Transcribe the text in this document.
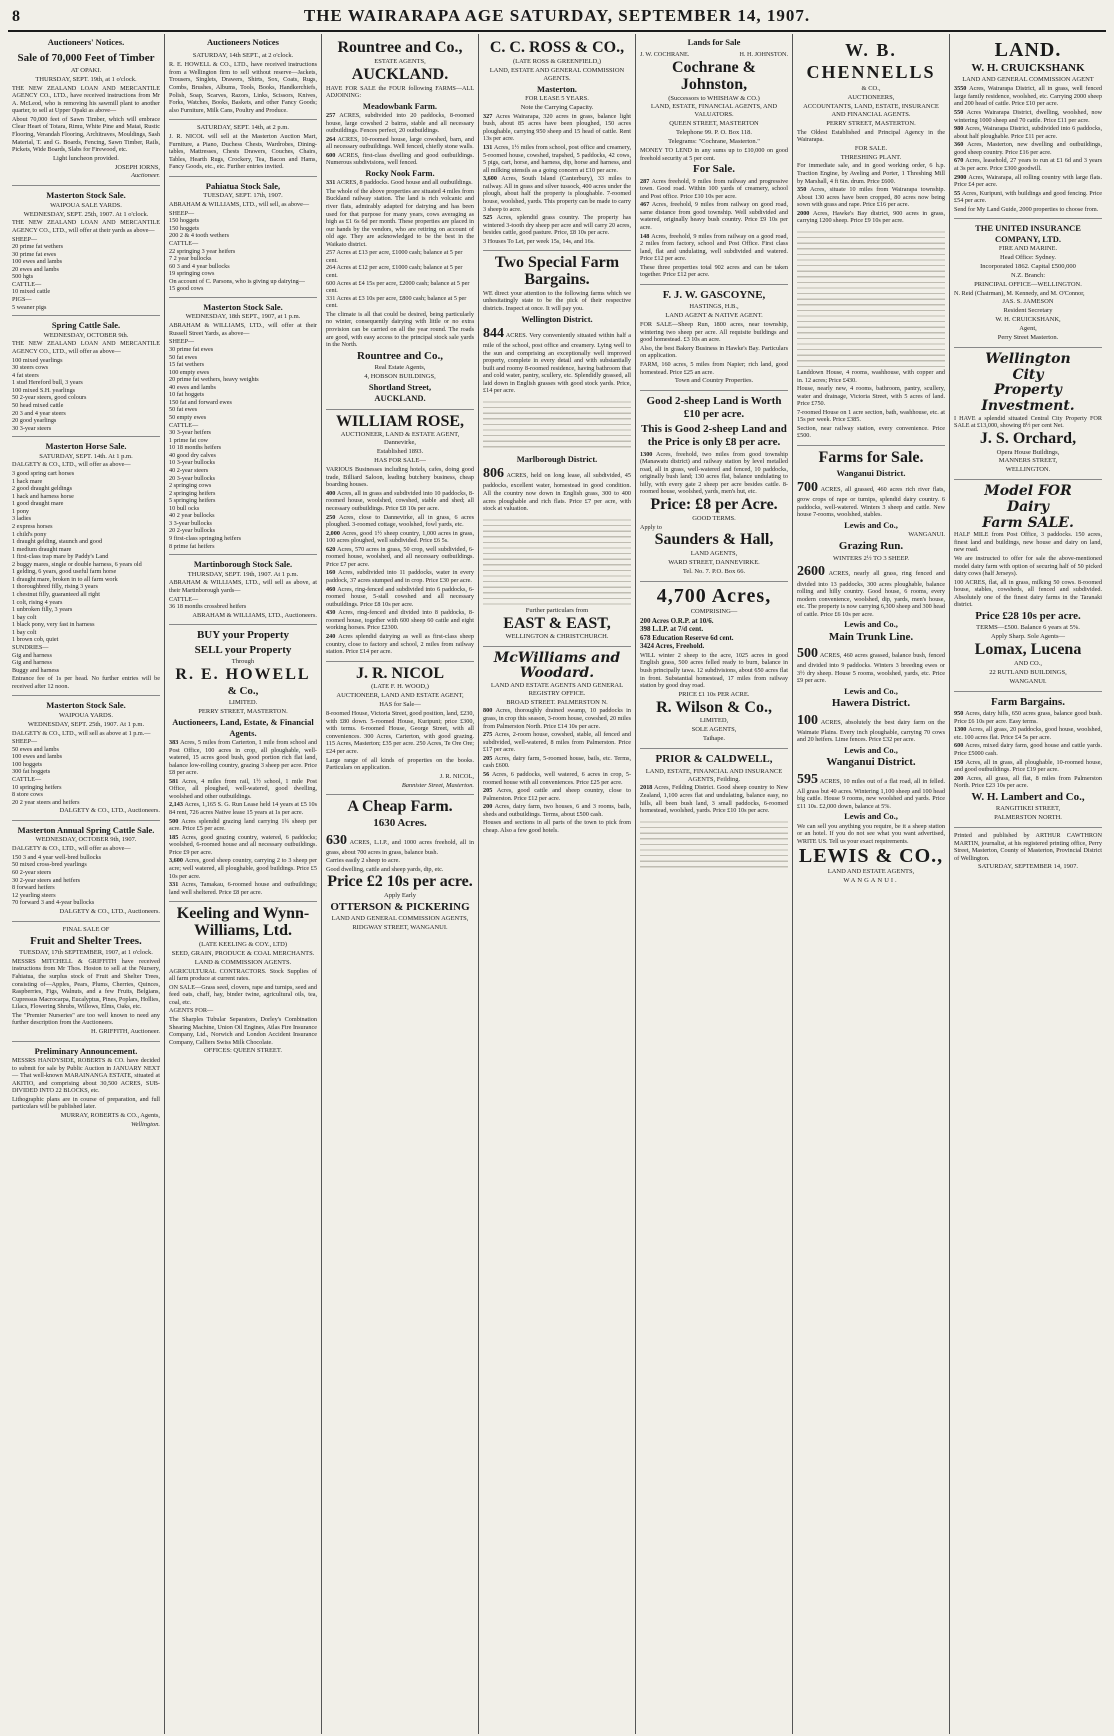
8	THE WAIRARAPA AGE SATURDAY, SEPTEMBER 14, 1907.
Auctioneers' Notices.
Sale of 70,000 Feet of Timber
AT OPAKI.
THURSDAY, SEPT. 19th, at 1 o'clock.
THE NEW ZEALAND LOAN AND MERCANTILE AGENCY CO., LTD., have received instructions from Mr A. McLeod, who is removing his sawmill plant to another quarter, to sell at Upper Opaki as above—
About 70,000 feet of Sawn Timber, which will embrace Clear Heart of Totara, Rimu, White Pine and Matai, Rustic Flooring, Verandah Flooring, Architraves, Mouldings, Sash Material, T. and G. Boards, Fencing, Sawn Timber, Rails, Pickets, Wide Boards, Slabs for Firewood, etc.
Light luncheon provided.
JOSEPH IORNS,
Auctioneer.
Masterton Stock Sale.
WAIPOUA SALE YARDS.
WEDNESDAY, SEPT. 25th, 1907. At 1 o'clock.
THE NEW ZEALAND LOAN AND MERCANTILE AGENCY CO., LTD., will offer at their yards as above—
SHEEP—
20 prime fat wethers
30 prime fat ewes
100 ewes and lambs
20 ewes and lambs
500 hgts
CATTLE—
10 mixed cattle
PIGS—
5 weaner pigs
Spring Cattle Sale.
WEDNESDAY, OCTOBER 9th.
THE NEW ZEALAND LOAN AND MERCANTILE AGENCY CO., LTD., will offer as above—
100 mixed yearlings
30 steers cows
4 fat steers
1 stud Hereford bull, 3 years
100 mixed S.H. yearlings
50 2-year steers, good colours
50 head mixed cattle
20 3 and 4 year steers
20 good yearlings
30 3-year steers
Masterton Horse Sale.
SATURDAY, SEPT. 14th. At 1 p.m.
DALGETY & CO., LTD., will offer as above—
3 good spring cart horses
1 hack mare
2 good draught geldings
1 hack and harness horse
1 good draught mare
1 pony
3 ladies
2 express horses
1 child's pony
1 draught gelding, staunch and good
1 medium draught mare
1 first-class trap mare by Paddy's Land
2 buggy mares, single or double harness, 6 years old
1 gelding, 6 years, good useful farm horse
1 draught mare, broken in to all farm work
1 thoroughbred filly, rising 3 years
1 chestnut filly, guaranteed all right
1 colt, rising 4 years
1 unbroken filly, 3 years
1 bay colt
1 black pony, very fast in harness
1 bay colt
1 brown cob, quiet
SUNDRIES—
Gig and harness
Gig and harness
Buggy and harness
Entrance fee of 1s per head. No further entries will be received after 12 noon.
Masterton Stock Sale.
WAIPOUA YARDS.
WEDNESDAY, SEPT. 25th, 1907. At 1 p.m.
DALGETY & CO., LTD., will sell as above at 1 p.m.—
SHEEP—
50 ewes and lambs
100 ewes and lambs
100 hoggets
300 fat hoggets
CATTLE—
10 springing heifers
8 store cows
20 2 year steers and heifers
DALGETY & CO., LTD., Auctioneers.
Masterton Annual Spring Cattle Sale.
WEDNESDAY, OCTOBER 9th, 1907.
DALGETY & CO., LTD., will offer as above—
150 3 and 4 year well-bred bullocks
50 mixed cross-bred yearlings
60 2-year steers
30 2-year steers and heifers
8 forward heifers
12 yearling steers
70 forward 3 and 4-year bullocks
DALGETY & CO., LTD., Auctioneers.
FINAL SALE OF
Fruit and Shelter Trees.
TUESDAY, 17th SEPTEMBER, 1907, at 1 o'clock.
MESSRS MITCHELL & GRIFFITH have received instructions from Mr Thos. Hoston to sell at the Nursery, Fahiatua, the surplus stock of Fruit and Shelter Trees, consisting of—Apples, Pears, Plums, Cherries, Quinces, Raspberries, Figs, Walnuts, and a few Fruits, Belgians, Cupressus Macrocarpa, Eucalyptus, Pines, Poplars, Hollies, Lilacs, Flowering Shrubs, Willows, Elms, Oaks, etc.
The "Premier Nurseries" are too well known to need any further description from the Auctioneers.
H. GRIFFITH, Auctioneer.
Preliminary Announcement.
MESSRS HANDYSIDE, ROBERTS & CO. have decided to submit for sale by Public Auction in JANUARY NEXT— That well-known MARAINANGA ESTATE, situated at AKITIO, and comprising about 30,500 ACRES, SUB-DIVIDED INTO 22 BLOCKS, etc.
Lithographic plans are in course of preparation, and full particulars will be published later.
MURRAY, ROBERTS & CO., Agents,
Wellington.
Auctioneers Notices
SATURDAY, 14th SEPT., at 2 o'clock.
R. E. HOWELL & CO., LTD., have received instructions from a Wellington firm to sell without reserve—Jackets, Trousers, Singlets, Drawers, Shirts, Sox, Coats, Rugs, Combs, Brushes, Albums, Tools, Books, Handkerchiefs, Polish, Soap, Scarves, Razors, Links, Scissors, Knives, Forks, Watches, Books, Baskets, and other Fancy Goods; also Furniture, Milk Cans, Poultry and Produce.
SATURDAY, SEPT. 14th, at 2 p.m.
J. R. NICOL will sell at the Masterton Auction Mart, Furniture, a Piano, Duchess Chests, Wardrobes, Dining-tables, Mattresses, Chests Drawers, Couches, Chairs, Tables, Hearth Rugs, Crockery, Tea, Bacon and Hams, Fancy Goods, etc., etc. Further entries invited.
Pahiatua Stock Sale,
TUESDAY, SEPT. 17th, 1907.
ABRAHAM & WILLIAMS, LTD., will sell, as above—
SHEEP—
150 hoggets
150 hoggets
200 2 & 4 tooth wethers
CATTLE—
22 springing 3 year heifers
7 2 year bullocks
60 3 and 4 year bullocks
19 springing cows
On account of C. Parsons, who is giving up dairying—
15 good cows
Masterton Stock Sale.
WEDNESDAY, 18th SEPT., 1907, at 1 p.m.
ABRAHAM & WILLIAMS, LTD., will offer at their Russell Street Yards, as above—
SHEEP—
30 prime fat ewes
50 fat ewes
15 fat wethers
100 empty ewes
20 prime fat wethers, heavy weights
40 ewes and lambs
10 fat hoggets
150 fat and forward ewes
50 fat ewes
50 empty ewes
CATTLE—
30 3-year heifers
1 prime fat cow
10 18 months heifers
40 good dry calves
10 3-year bullocks
40 2-year steers
20 3-year bullocks
2 springing cows
2 springing heifers
5 springing heifers
10 bull ocks
40 2 year bullocks
3 3-year bullocks
20 2-year bullocks
9 first-class springing heifers
8 prime fat heifers
Martinborough Stock Sale.
THURSDAY, SEPT. 19th, 1907. At 1 p.m.
ABRAHAM & WILLIAMS, LTD., will sell as above, at their Martinborough yards—
CATTLE—
36 18 months crossbred heifers
ABRAHAM & WILLIAMS, LTD., Auctioneers.
BUY your Property
SELL your Property
Through
R. E. HOWELL
& Co.,
LIMITED.
PERRY STREET, MASTERTON.
Auctioneers, Land, Estate, & Financial Agents.
383 Acres, 5 miles from Carterton, 1 mile from school and Post Office, 100 acres in crop, all ploughable, well-watered, 15 acres good bush, good portion rich flat land, balance low-rolling country, grazing 3 sheep per acre. Price £8 per acre.
581 Acres, 4 miles from rail, 1½ school, 1 mile Post Office, all ploughed, well-watered, good dwelling, woolshed and other outbuildings.
2,143 Acres, 1,165 S. G. Run Lease held 14 years at £5 10s 84 rent, 726 acres Native lease 15 years at 1s per acre.
500 Acres splendid grazing land carrying 1¾ sheep per acre. Price £5 per acre.
185 Acres, good grazing country, watered, 6 paddocks; woolshed, 6-roomed house and all necessary outbuildings. Price £9 per acre.
3,600 Acres, good sheep country, carrying 2 to 3 sheep per acre; well watered, all ploughable, good buildings. Price £5 10s per acre.
331 Acres, Tamakau, 6-roomed house and outbuildings; land well sheltered. Price £8 per acre.
Keeling and Wynn-Williams, Ltd.
(LATE KEELING & COY., LTD)
SEED, GRAIN, PRODUCE & COAL MERCHANTS.
LAND & COMMISSION AGENTS.
AGRICULTURAL CONTRACTORS. Stock Supplies of all farm produce at current rates.
ON SALE—Grass seed, clovers, rape and turnips, seed and feed oats, chaff, hay, binder twine, agricultural oils, tea, coal, etc.
AGENTS FOR—
The Sharples Tubular Separators, Dorley's Combination Shearing Machine, Union Oil Engines, Atlas Fire Insurance Company, Ltd., Norwich and London Accident Insurance Company, Calliers Swiss Milk Chocolate.
OFFICES: QUEEN STREET.
Rountree and Co.,
ESTATE AGENTS,
AUCKLAND.
HAVE FOR SALE the FOUR following FARMS—ALL ADJOINING:
Meadowbank Farm.
257 ACRES, subdivided into 20 paddocks, 8-roomed house, large cowshed 2 bairns, stable and all necessary outbuildings. Fences perfect, 20 outbuildings.
264 ACRES, 10-roomed house, large cowshed, barn, and all necessary outbuildings. Well fenced, chiefly stone walls.
600 ACRES, first-class dwelling and good outbuildings. Numerous subdivisions, well fenced.
Rocky Nook Farm.
331 ACRES, 8 paddocks. Good house and all outbuildings.
The whole of the above properties are situated 4 miles from Buckland railway station. The land is rich volcanic and river flats, admirably adapted for dairying and has been used for that purpose for many years, cows averaging as high as £1 6s 6d per month. These properties are placed in our hands by the vendors, who are retiring on account of old age. They are acknowledged to be the best in the Waikato district.
257 Acres at £13 per acre, £1000 cash; balance at 5 per cent.
264 Acres at £12 per acre, £1000 cash; balance at 5 per cent.
600 Acres at £4 15s per acre, £2000 cash; balance at 5 per cent.
331 Acres at £3 10s per acre, £800 cash; balance at 5 per cent.
The climate is all that could be desired, being particularly no winter, consequently dairying with little or no extra provision can be carried on all the year round. The roads are good, with easy access to the principal stock sale yards in the North.
Rountree and Co.,
Real Estate Agents,
4, HOBSON BUILDINGS,
Shortland Street,
AUCKLAND.
WILLIAM ROSE,
AUCTIONEER, LAND & ESTATE AGENT, Dannevirke,
Established 1893.
HAS FOR SALE—
VARIOUS Businesses including hotels, cafes, doing good trade, Billiard Saloon, leading butchery business, cheap boarding houses.
400 Acres, all in grass and subdivided into 10 paddocks, 8-roomed house, woolshed, cowshed, stable and shed; all necessary outbuildings. Price £8 10s per acre.
250 Acres, close to Dannevirke, all in grass, 6 acres ploughed. 3-roomed cottage, woolshed, fowl yards, etc.
2,000 Acres, good 1½ sheep country, 1,000 acres in grass, 100 acres ploughed, well subdivided. Price £6 5s.
620 Acres, 570 acres in grass, 50 crop, well subdivided, 6-roomed house, woolshed, and all necessary outbuildings. Price £7 per acre.
160 Acres, subdivided into 11 paddocks, water in every paddock, 37 acres stumped and in crop. Price £30 per acre.
460 Acres, ring-fenced and subdivided into 6 paddocks, 6-roomed house, 5-stall cowshed and all necessary outbuildings. Price £8 10s per acre.
430 Acres, ring-fenced and divided into 8 paddocks, 8-roomed house, together with 600 sheep 60 cattle and eight working horses. Price £2300.
240 Acres splendid dairying as well as first-class sheep country, close to factory and school, 2 miles from railway station. Price £14 per acre.
J. R. NICOL
(LATE F. H. WOOD,)
AUCTIONEER, LAND AND ESTATE AGENT,
HAS for Sale—
8-roomed House, Victoria Street, good position, land, £230, with £80 down. 5-roomed House, Kuripuni; price £300, with terms. 6-roomed House, George Street, with all conveniences. 300 Acres, Carterton, with good grazing. 115 Acres, Masterton; £35 per acre. 250 Acres, Te Ore Ore; £24 per acre.
Large range of all kinds of properties on the books. Particulars on application.
J. R. NICOL,
Bannister Street, Masterton.
A Cheap Farm.
1630 Acres.
630 ACRES, L.I.P., and 1000 acres freehold, all in grass, about 700 acres in grass, balance bush.
Carries easily 2 sheep to acre.
Good dwelling, cattle and sheep yards, dip, etc.
Price £2 10s per acre.
Apply Early
OTTERSON & PICKERING
LAND AND GENERAL COMMISSION AGENTS,
RIDGWAY STREET, WANGANUI.
C. C. ROSS & CO.,
(LATE ROSS & GREENFIELD,)
LAND, ESTATE AND GENERAL COMMISSION AGENTS.
Masterton.
FOR LEASE 5 YEARS.
Note the Carrying Capacity.
327 Acres Wairarapa, 320 acres in grass, balance light bush, about 85 acres have been ploughed, 150 acres ploughable, carrying 950 sheep and 15 head of cattle. Rent 13s per acre.
131 Acres, 1½ miles from school, post office and creamery, 5-roomed house, cowshed, trapshed, 5 paddocks, 42 cows, 5 pigs, cart, horse, and harness, dip, horse and harness, and all milking utensils as a going concern at £10 per acre.
3,600 Acres, South Island (Canterbury), 33 miles to railway. All in grass and silver tussock, 400 acres under the plough, about half the property is ploughable. 7-roomed house, woolshed, yards. This property can be made to carry 3 sheep to acre.
525 Acres, splendid grass country. The property has wintered 3-tooth dry sheep per acre and will carry 20 acres, besides cattle, good pasture. Price, £8 10s per acre.
3 Houses To Let, per week 15s, 14s, and 16s.
Two Special Farm Bargains.
WE direct your attention to the following farms which we unhesitatingly state to be the pick of their respective districts. Inspect at once. It will pay you.
Wellington District.
844 ACRES. Very conveniently situated within half a mile of the school, post office and creamery. Lying well to the sun and comprising an exceptionally well improved property, complete in every detail and with substantially built and roomy 8-roomed residence, having bathroom that and cold water, pantry, scullery, etc. Splendidly grassed, all laid down in English grasses with good stock yards. Price, £14 per acre.
Marlborough District.
806 ACRES, held on long lease, all subdivided, 45 paddocks, excellent water, homestead in good condition. All the country now down in English grass, 300 to 400 acres ploughable and rich flats. Price £7 per acre, with stock at valuation.
Further particulars from
EAST & EAST,
WELLINGTON & CHRISTCHURCH.
McWilliams and Woodard.
LAND AND ESTATE AGENTS AND GENERAL REGISTRY OFFICE.
BROAD STREET. PALMERSTON N.
800 Acres, thoroughly drained swamp, 10 paddocks in grass, in crop this season, 3-room house, cowshed, 20 miles from Palmerston North. Price £14 10s per acre.
275 Acres, 2-room house, cowshed, stable, all fenced and subdivided, well-watered, 8 miles from Palmerston. Price £17 per acre.
205 Acres, dairy farm, 5-roomed house, bails, etc. Terms, cash £600.
56 Acres, 6 paddocks, well watered, 6 acres in crop, 5-roomed house with all conveniences. Price £25 per acre.
205 Acres, good cattle and sheep country, close to Palmerston. Price £12 per acre.
200 Acres, dairy farm, two houses, 6 and 3 rooms, bails, sheds and outbuildings. Terms, about £500 cash.
Houses and sections in all parts of the town to pick from cheap. Also a few good hotels.
Lands for Sale
J. W. COCHRANE.	H. H. JOHNSTON.
Cochrane & Johnston,
(Successors to WHISHAW & CO.)
LAND, ESTATE, FINANCIAL AGENTS, AND VALUATORS.
QUEEN STREET, MASTERTON
Telephone 99. P. O. Box 118.
Telegrams: "Cochrane, Masterton."
MONEY TO LEND in any sums up to £10,000 on good freehold security at 5 per cent.
For Sale.
287 Acres freehold, 9 miles from railway and progressive town. Good road. Within 100 yards of creamery, school and Post office. Price £10 10s per acre.
467 Acres, freehold, 9 miles from railway on good road, same distance from good township. Well subdivided and watered, originally heavy bush country. Price £9 10s per acre.
148 Acres, freehold, 9 miles from railway on a good road, 2 miles from factory, school and Post Office. First class land, flat and undulating, well subdivided and watered. Price £12 per acre.
These three properties total 902 acres and can be taken together. Price £12 per acre.
F. J. W. GASCOYNE,
HASTINGS, H.B.,
LAND AGENT & NATIVE AGENT.
FOR SALE—Sheep Run, 1800 acres, near township, wintering two sheep per acre. All requisite buildings and good homestead. £3 10s an acre.
Also, the best Bakery Business in Hawke's Bay. Particulars on application.
FARM, 160 acres, 5 miles from Napier; rich land, good homestead. Price £25 an acre.
Town and Country Properties.
Good 2-sheep Land is Worth £10 per acre.
This is Good 2-sheep Land and the Price is only £8 per acre.
1300 Acres, freehold, two miles from good township (Manawatu district) and railway station by level metalled road, all in grass, well-watered and fenced, 10 paddocks, originally bush land; 130 acres flat, balance undulating to hilly, with every gate 2 sheep per acre besides cattle. 8-roomed house, woolshed, yards, men's hut, etc.
Price: £8 per Acre.
GOOD TERMS.
Apply to
Saunders & Hall,
LAND AGENTS,
WARD STREET, DANNEVIRKE.
Tel. No. 7. P.O. Box 66.
4,700 Acres,
COMPRISING—
200 Acres O.R.P. at 10/6.
398 L.I.P. at 7/d cent.
678 Education Reserve 6d cent.
3424 Acres, Freehold.
WILL winter 2 sheep to the acre, 1025 acres in good English grass, 500 acres felled ready to burn, balance in bush principally tawa. 12 subdivisions, about 650 acres flat in front. Substantial homestead, 17 miles from railway station by good dray road.
PRICE £1 10s PER ACRE.
R. Wilson & Co.,
LIMITED,
SOLE AGENTS,
Taihape.
PRIOR & CALDWELL,
LAND, ESTATE, FINANCIAL AND INSURANCE AGENTS, Feilding.
2018 Acres, Feilding District. Good sheep country to New Zealand, 1,100 acres flat and undulating, balance easy, no hills, all been bush land, 3 small paddocks, 6-roomed homestead, woolshed, yards. Price £10 10s per acre.
W. B. CHENNELLS
& CO.,
AUCTIONEERS,
ACCOUNTANTS, LAND, ESTATE, INSURANCE AND FINANCIAL AGENTS.
PERRY STREET, MASTERTON.
The Oldest Established and Principal Agency in the Wairarapa.
FOR SALE.
THRESHING PLANT.
For immediate sale, and in good working order, 6 h.p. Traction Engine, by Aveling and Porter, 1 Threshing Mill by Marshall, 4 ft 6in. drum. Price £600.
350 Acres, situate 10 miles from Wairarapa township. About 130 acres have been cropped, 80 acres now being sown with grass and rape. Price £16 per acre.
2000 Acres, Hawke's Bay district, 900 acres in grass, carrying 1200 sheep. Price £9 10s per acre.
Landdown House, 4 rooms, washhouse, with copper and in. 12 acres; Price £430.
House, nearly new, 4 rooms, bathroom, pantry, scullery, water and drainage, Victoria Street, with 5 acres of land. Price £750.
7-roomed House on 1 acre section, bath, washhouse, etc. at 15s per week. Price £385.
Section, near railway station, every convenience. Price £500.
Farms for Sale.
Wanganui District.
700 ACRES, all grassed, 460 acres rich river flats, grow crops of rape or turnips, splendid dairy country. 6 paddocks, well-watered. Winters 3 sheep and cattle. New house 7-rooms, woolshed, stables.
Lewis and Co.,
WANGANUI.
Grazing Run.
WINTERS 2½ TO 3 SHEEP.
2600 ACRES, nearly all grass, ring fenced and divided into 13 paddocks, 300 acres ploughable, balance rolling and hilly country. Good house, 6 rooms, every modern convenience, woolshed, dip, yards, men's house, etc. The property is now carrying 6,300 sheep and 300 head of cattle. Price £6 10s per acre.
Lewis and Co.,
Main Trunk Line.
500 ACRES, 460 acres grassed, balance bush, fenced and divided into 9 paddocks. Winters 3 breeding ewes or 3½ dry sheep. House 5 rooms, woolshed, yards, etc. Price £9 per acre.
Lewis and Co.,
Hawera District.
100 ACRES, absolutely the best dairy farm on the Waimate Plains. Every inch ploughable, carrying 70 cows and 20 heifers. Lime fences. Price £32 per acre.
Lewis and Co.,
Wanganui District.
595 ACRES, 10 miles out of a flat road, all in felled. All grass but 40 acres. Wintering 1,100 sheep and 100 head big cattle. House 9 rooms, new woolshed and yards. Price £11 10s. £2,000 down, balance at 5%.
Lewis and Co.,
We can sell you anything you require, be it a sheep station or an hotel. If you do not see what you want advertised, WRITE US. Tell us your exact requirements.
LEWIS & CO.,
LAND AND ESTATE AGENTS,
WANGANUI.
LAND.
W. H. CRUICKSHANK
LAND AND GENERAL COMMISSION AGENT
3550 Acres, Wairarapa District, all in grass, well fenced large family residence, woolshed, etc. Carrying 2000 sheep and 200 head of cattle. Price £10 per acre.
550 Acres Wairarapa District, dwelling, woolshed, now wintering 1000 sheep and 70 cattle. Price £11 per acre.
980 Acres, Wairarapa District, subdivided into 6 paddocks, about half ploughable. Price £11 per acre.
360 Acres, Masterton, new dwelling and outbuildings, good sheep country. Price £16 per acre.
670 Acres, leasehold, 27 years to run at £1 6d and 3 years at 3s per acre. Price £300 goodwill.
2900 Acres, Wairarapa, all rolling country with large flats. Price £4 per acre.
55 Acres, Kuripuni, with buildings and good fencing. Price £54 per acre.
Send for My Land Guide, 2000 properties to choose from.
THE UNITED INSURANCE COMPANY, LTD.
FIRE AND MARINE.
Head Office: Sydney.
Incorporated 1862. Capital £500,000
N.Z. Branch:
PRINCIPAL OFFICE—WELLINGTON.
N. Reid (Chairman), M. Kennedy, and M. O'Connor,
JAS. S. JAMESON
Resident Secretary
W. H. CRUICKSHANK,
Agent,
Perry Street Masterton.
Wellington
City
Property
Investment.
I HAVE a splendid situated Central City Property FOR SALE at £13,000, showing 8½ per cent Net.
J. S. Orchard,
Opera House Buildings,
MANNERS STREET,
WELLINGTON.
Model FOR
Dairy
Farm SALE.
HALF MILE from Post Office, 3 paddocks. 150 acres, finest land and buildings, new house and dairy on land, new road.
We are instructed to offer for sale the above-mentioned model dairy farm with option of securing half of 50 picked dairy cows (half Jerseys).
100 ACRES, flat, all in grass, milking 50 cows. 8-roomed house, stables, cowsheds, all fenced and subdivided. Absolutely one of the finest dairy farms in the Taranaki district.
Price £28 10s per acre.
TERMS—£500. Balance 6 years at 5%.
Apply Sharp. Sole Agents—
Lomax, Lucena
AND CO.,
22 RUTLAND BUILDINGS,
WANGANUI.
Farm Bargains.
950 Acres, dairy hills, 650 acres grass, balance good bush. Price £6 10s per acre. Easy terms.
1300 Acres, all grass, 20 paddocks, good house, woolshed, etc. 100 acres flat. Price £4 5s per acre.
600 Acres, mixed dairy farm, good house and cattle yards. Price £5000 cash.
150 Acres, all in grass, all ploughable, 10-roomed house, and good outbuildings. Price £19 per acre.
200 Acres, all grass, all flat, 8 miles from Palmerston North. Price £23 10s per acre.
W. H. Lambert and Co.,
RANGITIKEI STREET,
PALMERSTON NORTH.
Printed and published by ARTHUR CAWTHRON MARTIN, journalist, at his registered printing office, Perry Street, Masterton, County of Masterton, Provincial District of Wellington.
SATURDAY, SEPTEMBER 14, 1907.
